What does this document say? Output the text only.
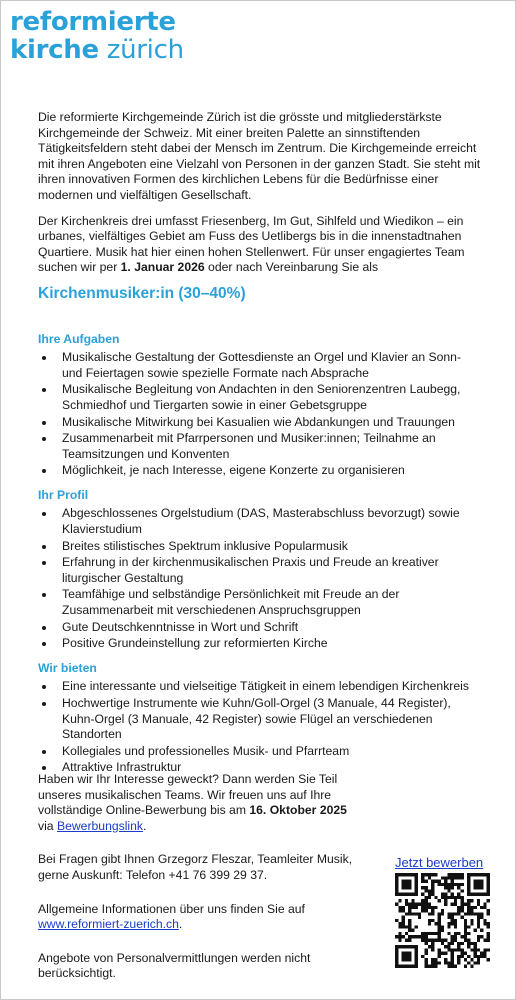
reformierte
kirche zürich

Die reformierte Kirchgemeinde Zürich ist die grösste und mitgliederstärkste Kirchgemeinde der Schweiz. Mit einer breiten Palette an sinnstiftenden Tätigkeitsfeldern steht dabei der Mensch im Zentrum. Die Kirchgemeinde erreicht mit ihren Angeboten eine Vielzahl von Personen in der ganzen Stadt. Sie steht mit ihren innovativen Formen des kirchlichen Lebens für die Bedürfnisse einer modernen und vielfältigen Gesellschaft.

Der Kirchenkreis drei umfasst Friesenberg, Im Gut, Sihlfeld und Wiedikon – ein urbanes, vielfältiges Gebiet am Fuss des Uetlibergs bis in die innenstadtnahen Quartiere. Musik hat hier einen hohen Stellenwert. Für unser engagiertes Team suchen wir per 1. Januar 2026 oder nach Vereinbarung Sie als

Kirchenmusiker:in (30–40%)
Ihre Aufgaben
• Musikalische Gestaltung der Gottesdienste an Orgel und Klavier an Sonn- und Feiertagen sowie spezielle Formate nach Absprache
• Musikalische Begleitung von Andachten in den Seniorenzentren Laubegg, Schmiedhof und Tiergarten sowie in einer Gebetsgruppe
• Musikalische Mitwirkung bei Kasualien wie Abdankungen und Trauungen
• Zusammenarbeit mit Pfarrpersonen und Musiker:innen; Teilnahme an Teamsitzungen und Konventen
• Möglichkeit, je nach Interesse, eigene Konzerte zu organisieren
Ihr Profil
• Abgeschlossenes Orgelstudium (DAS, Masterabschluss bevorzugt) sowie Klavierstudium
• Breites stilistisches Spektrum inklusive Popularmusik
• Erfahrung in der kirchenmusikalischen Praxis und Freude an kreativer liturgischer Gestaltung
• Teamfähige und selbständige Persönlichkeit mit Freude an der Zusammenarbeit mit verschiedenen Anspruchsgruppen
• Gute Deutschkenntnisse in Wort und Schrift
• Positive Grundeinstellung zur reformierten Kirche
Wir bieten
• Eine interessante und vielseitige Tätigkeit in einem lebendigen Kirchenkreis
• Hochwertige Instrumente wie Kuhn/Goll-Orgel (3 Manuale, 44 Register), Kuhn-Orgel (3 Manuale, 42 Register) sowie Flügel an verschiedenen Standorten
• Kollegiales und professionelles Musik- und Pfarrteam
• Attraktive Infrastruktur

Haben wir Ihr Interesse geweckt? Dann werden Sie Teil unseres musikalischen Teams. Wir freuen uns auf Ihre vollständige Online-Bewerbung bis am 16. Oktober 2025
via Bewerbungslink.

Bei Fragen gibt Ihnen Grzegorz Fleszar, Teamleiter Musik, gerne Auskunft: Telefon +41 76 399 29 37.

Allgemeine Informationen über uns finden Sie auf
www.reformiert-zuerich.ch.

Angebote von Personalvermittlungen werden nicht berücksichtigt.

Jetzt bewerben
